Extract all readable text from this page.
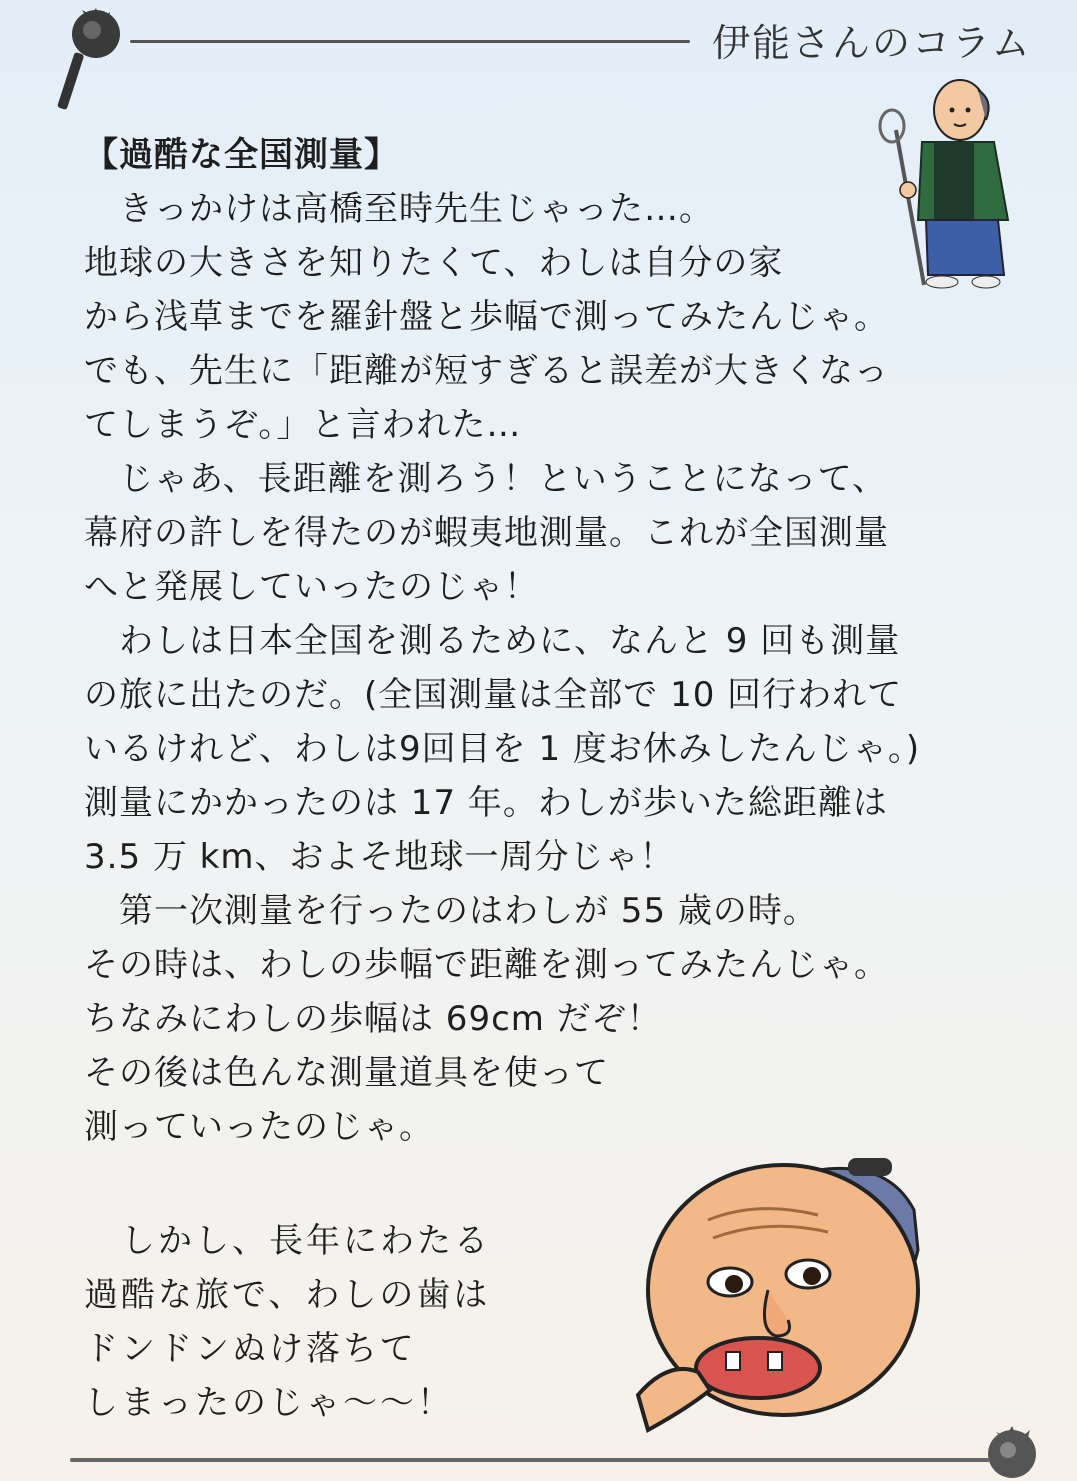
伊能さんのコラム
【過酷な全国測量】

　きっかけは高橋至時先生じゃった…。

地球の大きさを知りたくて、わしは自分の家

から浅草までを羅針盤と歩幅で測ってみたんじゃ。

でも、先生に「距離が短すぎると誤差が大きくなっ

てしまうぞ。」と言われた…

　じゃあ、長距離を測ろう！ということになって、

幕府の許しを得たのが蝦夷地測量。これが全国測量

へと発展していったのじゃ！

　わしは日本全国を測るために、なんと 9 回も測量

の旅に出たのだ。(全国測量は全部で 10 回行われて

いるけれど、わしは9回目を 1 度お休みしたんじゃ。)

測量にかかったのは 17 年。わしが歩いた総距離は

3.5 万 km、およそ地球一周分じゃ！

　第一次測量を行ったのはわしが 55 歳の時。

その時は、わしの歩幅で距離を測ってみたんじゃ。

ちなみにわしの歩幅は 69cm だぞ！

その後は色んな測量道具を使って

測っていったのじゃ。

　しかし、長年にわたる

過酷な旅で、わしの歯は

ドンドンぬけ落ちて

しまったのじゃ〜〜！
